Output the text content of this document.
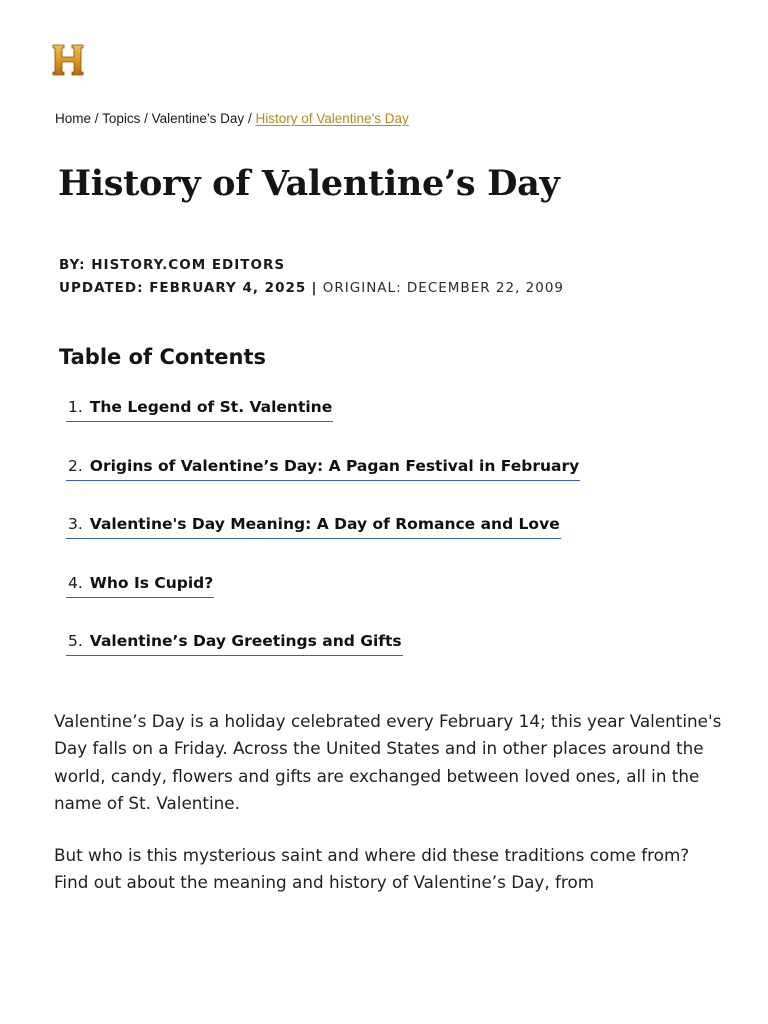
Home / Topics / Valentine’s Day / History of Valentine’s Day
History of Valentine’s Day
BY: HISTORY.COM EDITORS
UPDATED: FEBRUARY 4, 2025 | ORIGINAL: DECEMBER 22, 2009
Table of Contents
1. The Legend of St. Valentine
2. Origins of Valentine’s Day: A Pagan Festival in February
3. Valentine's Day Meaning: A Day of Romance and Love
4. Who Is Cupid?
5. Valentine’s Day Greetings and Gifts

Valentine’s Day is a holiday celebrated every February 14; this year Valentine's Day falls on a Friday. Across the United States and in other places around the world, candy, flowers and gifts are exchanged between loved ones, all in the name of St. Valentine.

But who is this mysterious saint and where did these traditions come from? Find out about the meaning and history of Valentine’s Day, from
